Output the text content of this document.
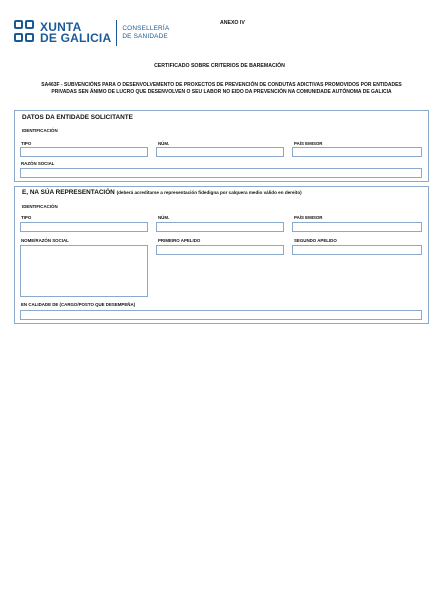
XUNTA
DE GALICIA
CONSELLERÍA
DE SANIDADE
ANEXO IV
CERTIFICADO SOBRE CRITERIOS DE BAREMACIÓN
SA463F - SUBVENCIÓNS PARA O DESENVOLVEMENTO DE PROXECTOS DE PREVENCIÓN DE CONDUTAS ADICTIVAS PROMOVIDOS POR ENTIDADES
PRIVADAS SEN ÁNIMO DE LUCRO QUE DESENVOLVEN O SEU LABOR NO EIDO DA PREVENCIÓN NA COMUNIDADE AUTÓNOMA DE GALICIA
DATOS DA ENTIDADE SOLICITANTE
IDENTIFICACIÓN
TIPO	NÚM.	PAÍS EMISOR
RAZÓN SOCIAL
E, NA SÚA REPRESENTACIÓN (deberá acreditarse a representación fidedigna por calquera medio válido en dereito)
IDENTIFICACIÓN
TIPO	NÚM.	PAÍS EMISOR
NOME/RAZÓN SOCIAL	PRIMEIRO APELIDO	SEGUNDO APELIDO
EN CALIDADE DE (CARGO/POSTO QUE DESEMPEÑA)
